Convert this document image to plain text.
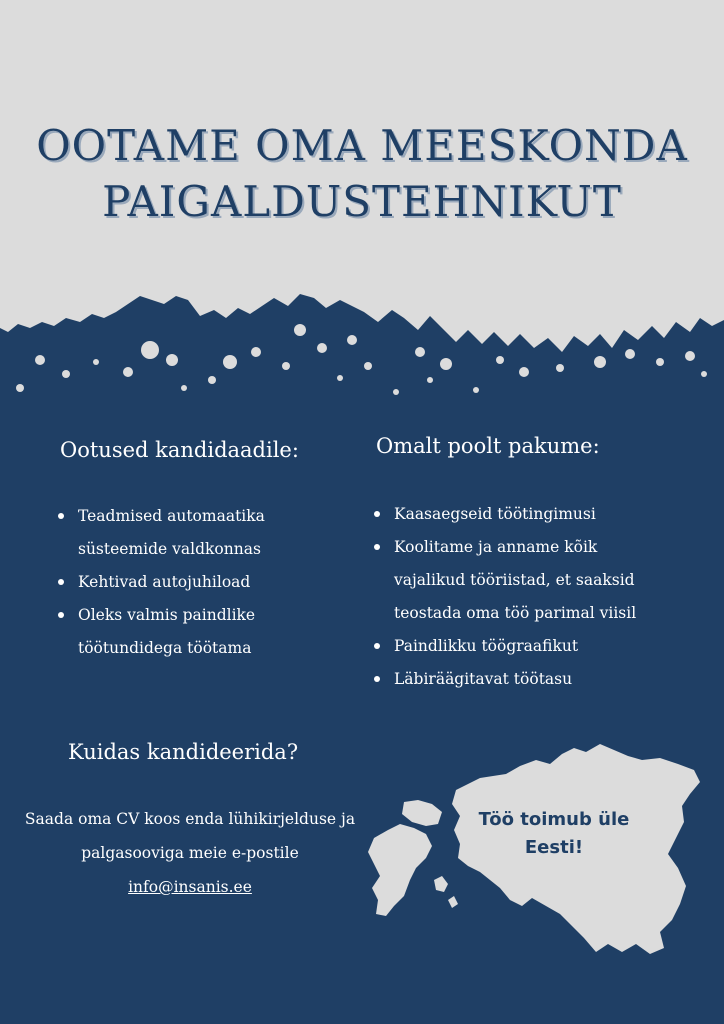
OOTAME OMA MEESKONDA
PAIGALDUSTEHNIKUT
Ootused kandidaadile:
Teadmised automaatika
süsteemide valdkonnas
Kehtivad autojuhiload
Oleks valmis paindlike
töötundidega töötama
Omalt poolt pakume:
Kaasaegseid töötingimusi
Koolitame ja anname kõik
vajalikud tööriistad, et saaksid
teostada oma töö parimal viisil
Paindlikku töögraafikut
Läbiräägitavat töötasu
Kuidas kandideerida?
Saada oma CV koos enda lühikirjelduse ja
palgasooviga meie e-postile
info@insanis.ee
Töö toimub üle
Eesti!
